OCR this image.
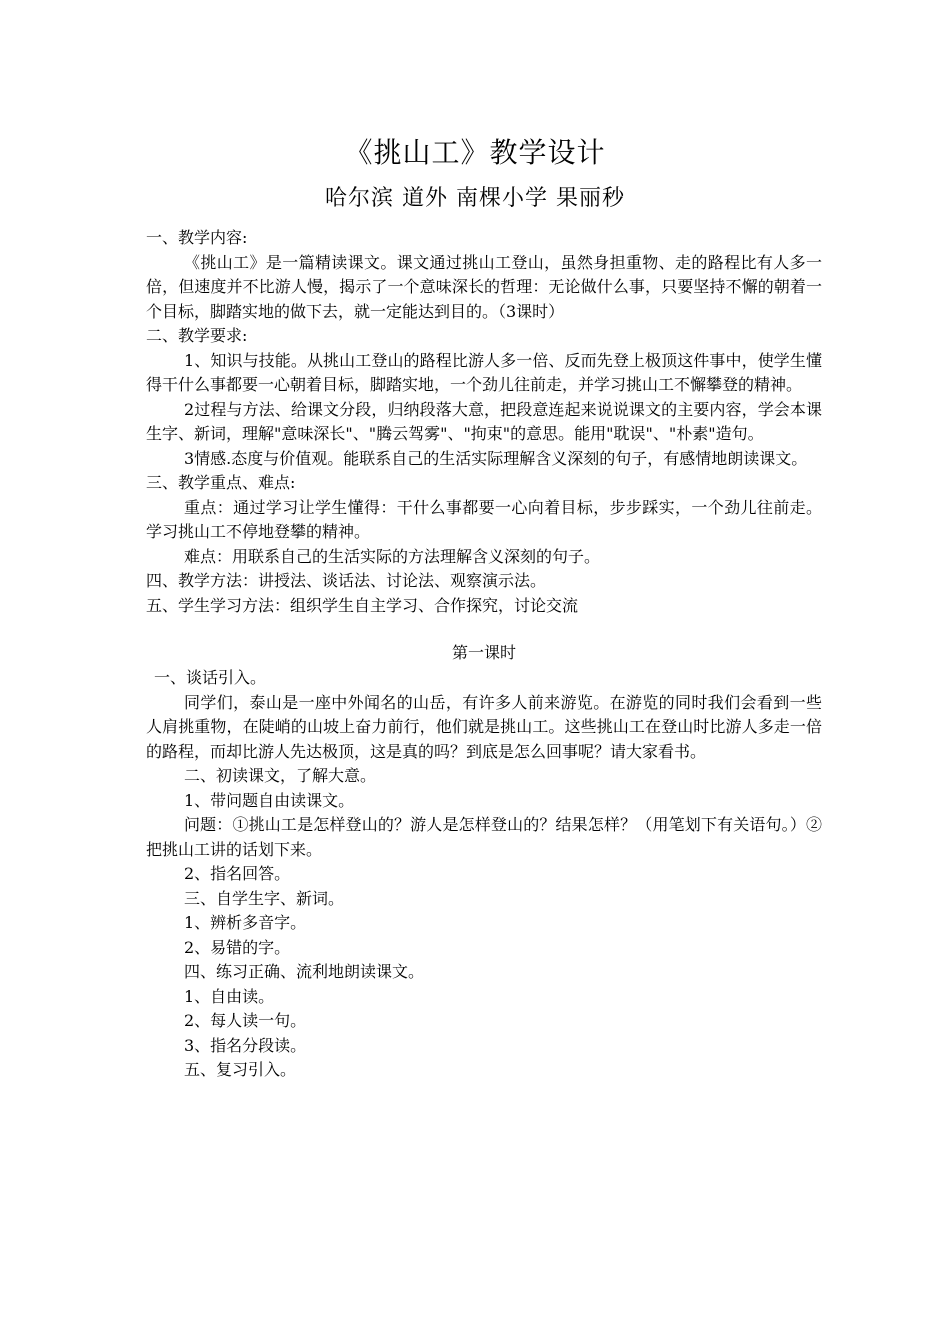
《挑山工》教学设计
哈尔滨 道外 南棵小学 果丽秒

一、教学内容:

《挑山工》是一篇精读课文。课文通过挑山工登山，虽然身担重物、走的路程比有人多一倍，但速度并不比游人慢，揭示了一个意味深长的哲理：无论做什么事，只要坚持不懈的朝着一个目标，脚踏实地的做下去，就一定能达到目的。（3课时）

二、教学要求:

1、知识与技能。从挑山工登山的路程比游人多一倍、反而先登上极顶这件事中，使学生懂得干什么事都要一心朝着目标，脚踏实地，一个劲儿往前走，并学习挑山工不懈攀登的精神。

2过程与方法、给课文分段，归纳段落大意，把段意连起来说说课文的主要内容，学会本课生字、新词，理解"意味深长"、"腾云驾雾"、"拘束"的意思。能用"耽误"、"朴素"造句。

3情感.态度与价值观。能联系自己的生活实际理解含义深刻的句子，有感情地朗读课文。

三、教学重点、难点:

重点：通过学习让学生懂得：干什么事都要一心向着目标，步步踩实，一个劲儿往前走。学习挑山工不停地登攀的精神。

难点：用联系自己的生活实际的方法理解含义深刻的句子。

四、教学方法：讲授法、谈话法、讨论法、观察演示法。

五、学生学习方法：组织学生自主学习、合作探究，讨论交流

第一课时

一、谈话引入。

同学们，泰山是一座中外闻名的山岳，有许多人前来游览。在游览的同时我们会看到一些人肩挑重物，在陡峭的山坡上奋力前行，他们就是挑山工。这些挑山工在登山时比游人多走一倍的路程，而却比游人先达极顶，这是真的吗？到底是怎么回事呢？请大家看书。

二、初读课文，了解大意。

1、带问题自由读课文。

问题：①挑山工是怎样登山的？游人是怎样登山的？结果怎样？（用笔划下有关语句。）②把挑山工讲的话划下来。

2、指名回答。

三、自学生字、新词。

1、辨析多音字。

2、易错的字。

四、练习正确、流利地朗读课文。

1、自由读。

2、每人读一句。

3、指名分段读。

五、复习引入。
